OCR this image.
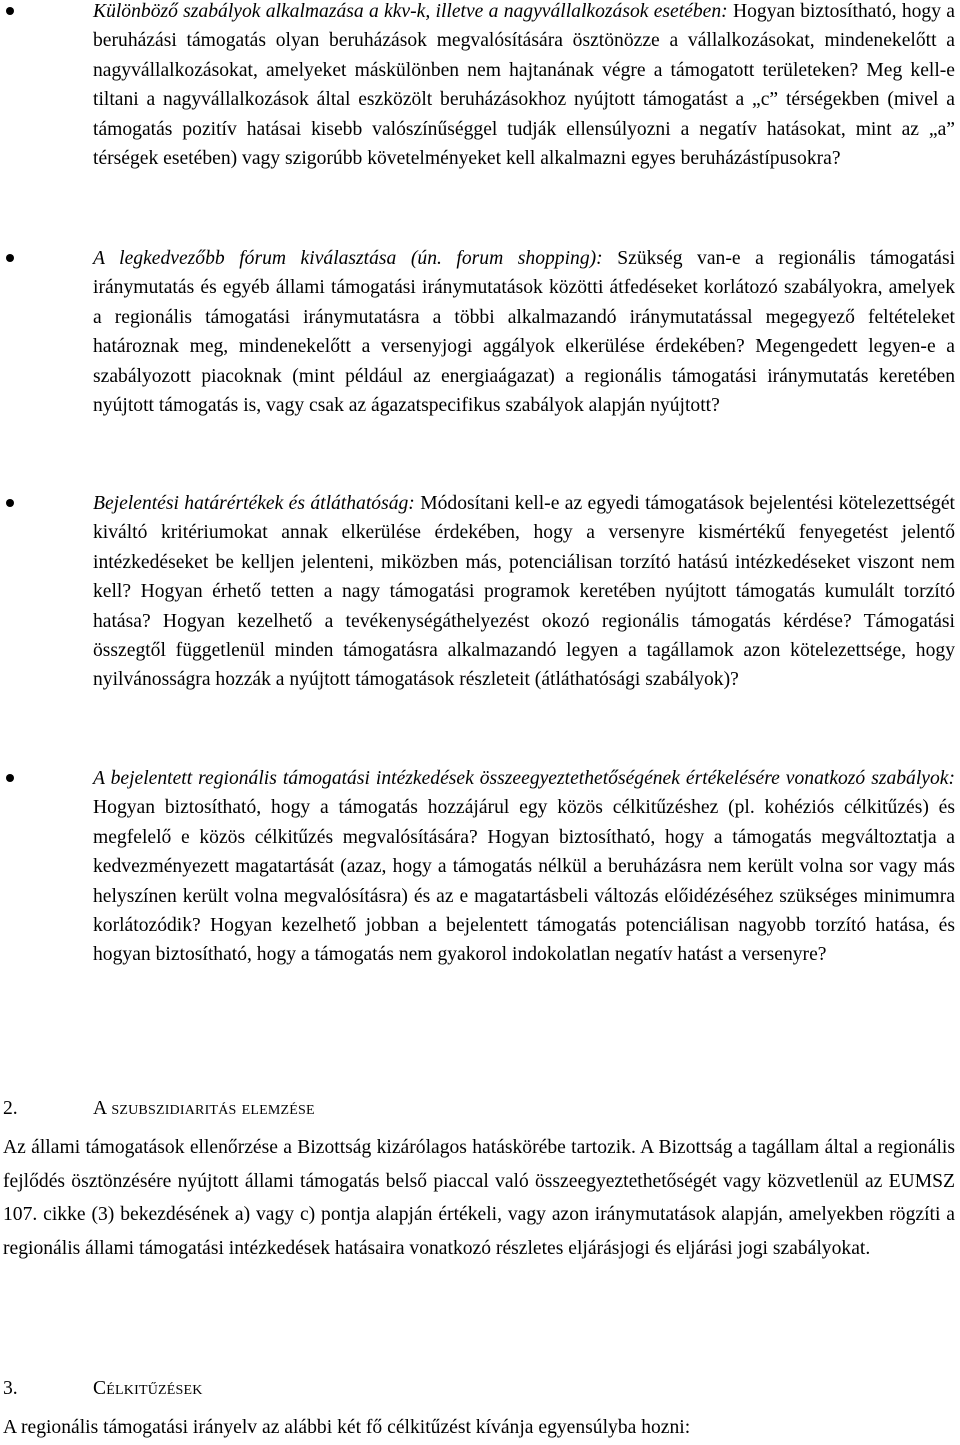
Különböző szabályok alkalmazása a kkv-k, illetve a nagyvállalkozások esetében: Hogyan biztosítható, hogy a beruházási támogatás olyan beruházások megvalósítására ösztönözze a vállalkozásokat, mindenekelőtt a nagyvállalkozásokat, amelyeket máskülönben nem hajtanának végre a támogatott területeken? Meg kell-e tiltani a nagyvállalkozások által eszközölt beruházásokhoz nyújtott támogatást a „c” térségekben (mivel a támogatás pozitív hatásai kisebb valószínűséggel tudják ellensúlyozni a negatív hatásokat, mint az „a” térségek esetében) vagy szigorúbb követelményeket kell alkalmazni egyes beruházástípusokra?
A legkedvezőbb fórum kiválasztása (ún. forum shopping): Szükség van-e a regionális támogatási iránymutatás és egyéb állami támogatási iránymutatások közötti átfedéseket korlátozó szabályokra, amelyek a regionális támogatási iránymutatásra a többi alkalmazandó iránymutatással megegyező feltételeket határoznak meg, mindenekelőtt a versenyjogi aggályok elkerülése érdekében? Megengedett legyen-e a szabályozott piacoknak (mint például az energiaágazat) a regionális támogatási iránymutatás keretében nyújtott támogatás is, vagy csak az ágazatspecifikus szabályok alapján nyújtott?
Bejelentési határértékek és átláthatóság: Módosítani kell-e az egyedi támogatások bejelentési kötelezettségét kiváltó kritériumokat annak elkerülése érdekében, hogy a versenyre kismértékű fenyegetést jelentő intézkedéseket be kelljen jelenteni, miközben más, potenciálisan torzító hatású intézkedéseket viszont nem kell? Hogyan érhető tetten a nagy támogatási programok keretében nyújtott támogatás kumulált torzító hatása? Hogyan kezelhető a tevékenységáthelyezést okozó regionális támogatás kérdése? Támogatási összegtől függetlenül minden támogatásra alkalmazandó legyen a tagállamok azon kötelezettsége, hogy nyilvánosságra hozzák a nyújtott támogatások részleteit (átláthatósági szabályok)?
A bejelentett regionális támogatási intézkedések összeegyeztethetőségének értékelésére vonatkozó szabályok: Hogyan biztosítható, hogy a támogatás hozzájárul egy közös célkitűzéshez (pl. kohéziós célkitűzés) és megfelelő e közös célkitűzés megvalósítására? Hogyan biztosítható, hogy a támogatás megváltoztatja a kedvezményezett magatartását (azaz, hogy a támogatás nélkül a beruházásra nem került volna sor vagy más helyszínen került volna megvalósításra) és az e magatartásbeli változás előidézéséhez szükséges minimumra korlátozódik? Hogyan kezelhető jobban a bejelentett támogatás potenciálisan nagyobb torzító hatása, és hogyan biztosítható, hogy a támogatás nem gyakorol indokolatlan negatív hatást a versenyre?
2.	A szubszidiaritás elemzése
Az állami támogatások ellenőrzése a Bizottság kizárólagos hatáskörébe tartozik. A Bizottság a tagállam által a regionális fejlődés ösztönzésére nyújtott állami támogatás belső piaccal való összeegyeztethetőségét vagy közvetlenül az EUMSZ 107. cikke (3) bekezdésének a) vagy c) pontja alapján értékeli, vagy azon iránymutatások alapján, amelyekben rögzíti a regionális állami támogatási intézkedések hatásaira vonatkozó részletes eljárásjogi és eljárási jogi szabályokat.
3.	Célkitűzések
A regionális támogatási irányelv az alábbi két fő célkitűzést kívánja egyensúlyba hozni:
